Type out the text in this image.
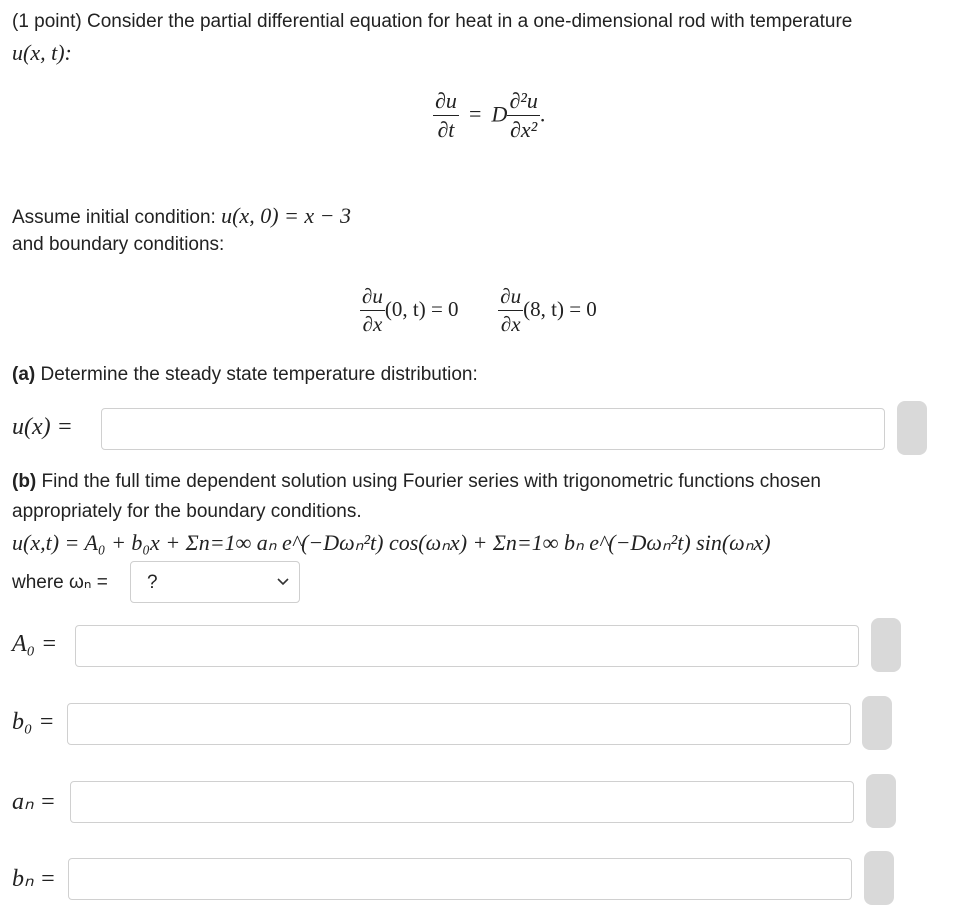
(1 point) Consider the partial differential equation for heat in a one-dimensional rod with temperature
u(x, t):
$\frac{\partial u}{\partial t} = D \frac{\text{∂²u}}{\text{∂x²}}$ .
Assume initial condition: u(x, 0) = x − 3
and boundary conditions:
$\frac{\partial u}{\partial x} (0$, $t) = 0 \frac{\partial u}{\partial x} (8$, t) = 0
(a) Determine the steady state temperature distribution:
u(x) =
(b) Find the full time dependent solution using Fourier series with trigonometric functions chosen
appropriately for the boundary conditions.
u(x,t) = A₀ + b₀x + Σn=1∞ aₙ e^(−Dωₙ²t) cos(ωₙx) + Σn=1∞ bₙ e^(−Dωₙ²t) sin(ωₙx)
where ωₙ = ?
A₀ =
b₀ =
aₙ =
bₙ =
